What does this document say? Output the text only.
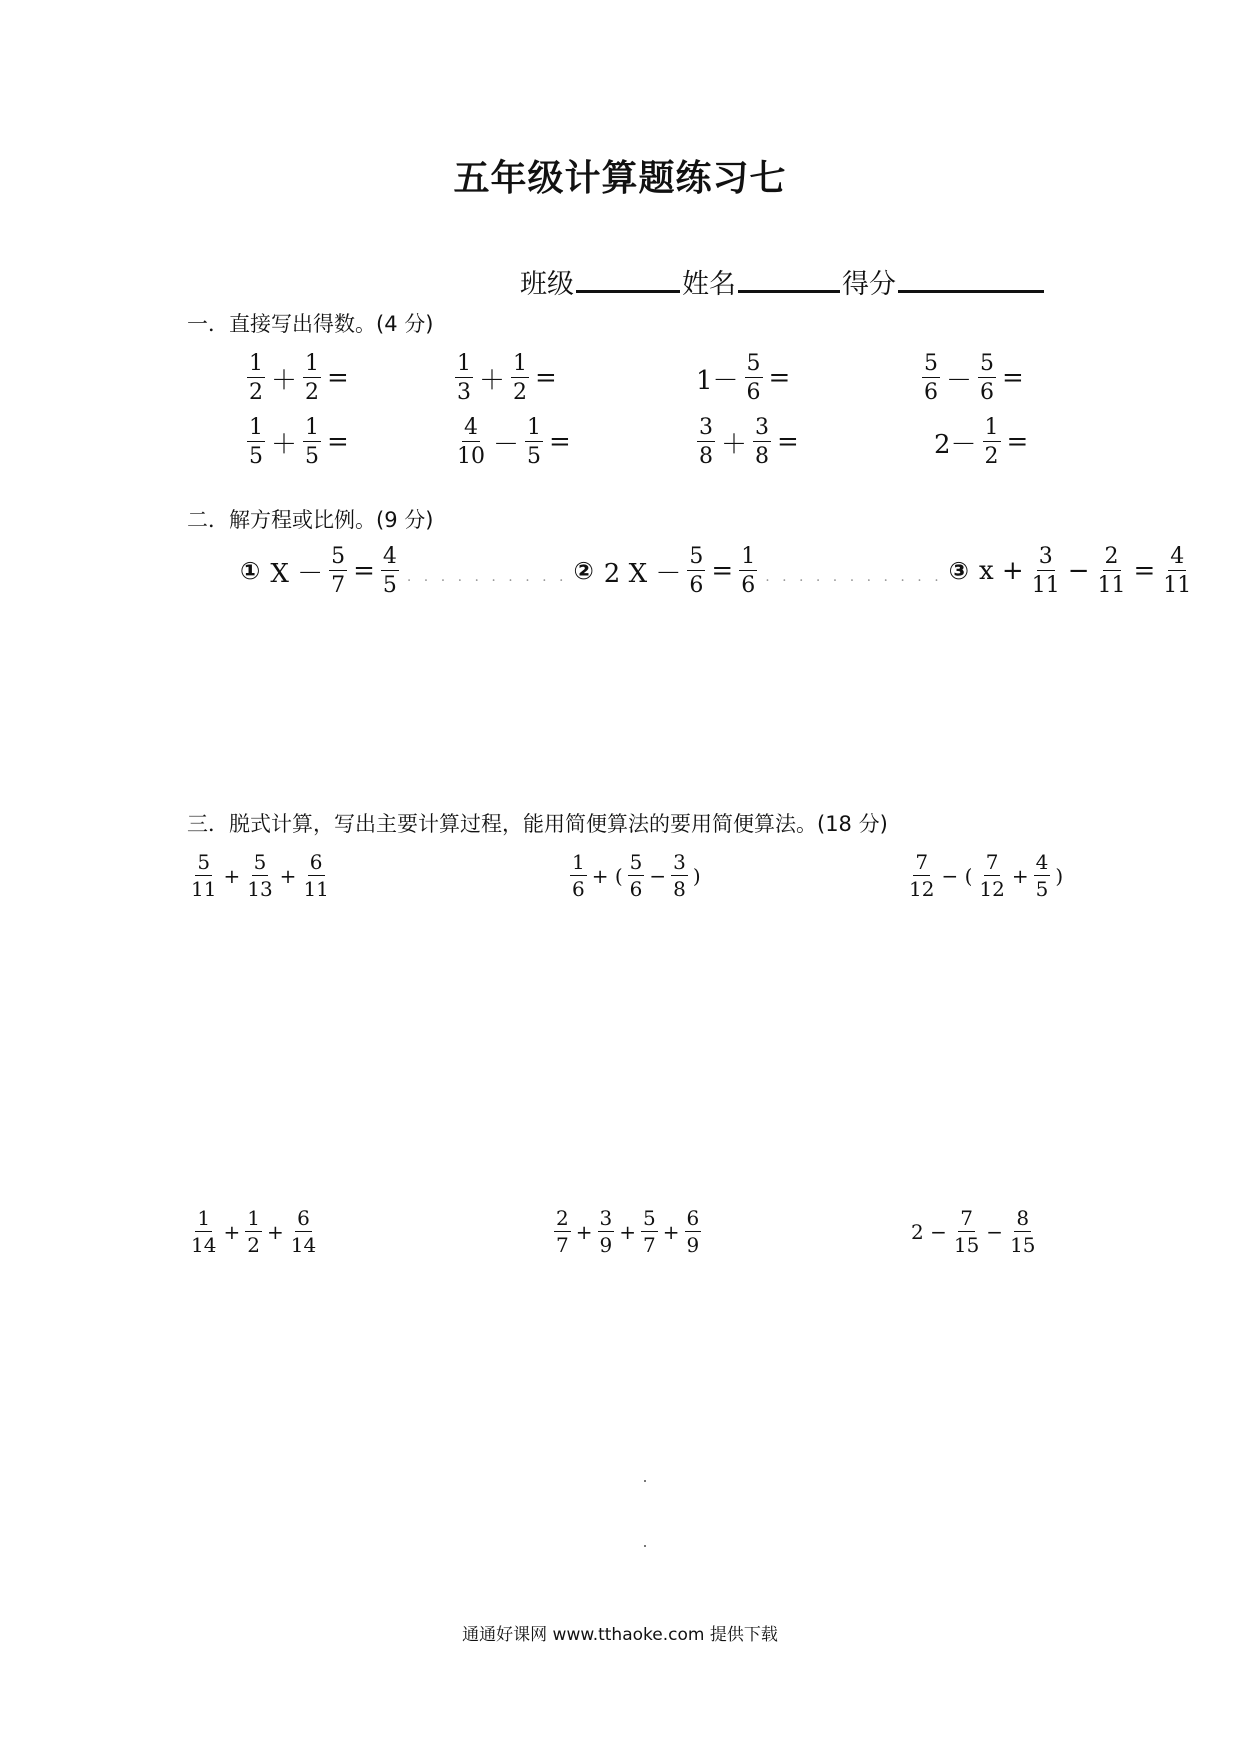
五年级计算题练习七
班级	姓名	得分
一．直接写出得数。(4 分)
$\frac{1}{2} + \frac{1}{2}$ =	$\frac{1}{3} + \frac{1}{2}$ =	$1- \frac{5}{6}$ =	$\frac{5}{6} - \frac{5}{6}$ =
$\frac{1}{5} + \frac{1}{5}$ =	$\frac{4}{10} - \frac{1}{5}$ =	$\frac{3}{8} + \frac{3}{8}$ =	$2- \frac{1}{2}$ =
二．解方程或比例。(9 分)
① $X - \frac{5}{7} = \frac{4}{5}$ . . . . . . . . . . ② 2 $X - \frac{5}{6} = \frac{1}{6}$ . . . . . . . . . . . ③ $x + \frac{3}{11} - \frac{2}{11} = \frac{4}{11}$
三．脱式计算，写出主要计算过程，能用简便算法的要用简便算法。(18 分)
$\frac{5}{11} + \frac{5}{13} + \frac{6}{11}$	$\frac{1}{6}$ + ( $\frac{5}{6} - \frac{3}{8}$ )	$\frac{7}{12}$ − ( $\frac{7}{12} + \frac{4}{5}$ )
$\frac{1}{14} + \frac{1}{2} + \frac{6}{14}$	$\frac{2}{7} + \frac{3}{9} + \frac{5}{7} + \frac{6}{9}$	$2 - \frac{7}{15} - \frac{8}{15}$
通通好课网 www.tthaoke.com 提供下载
